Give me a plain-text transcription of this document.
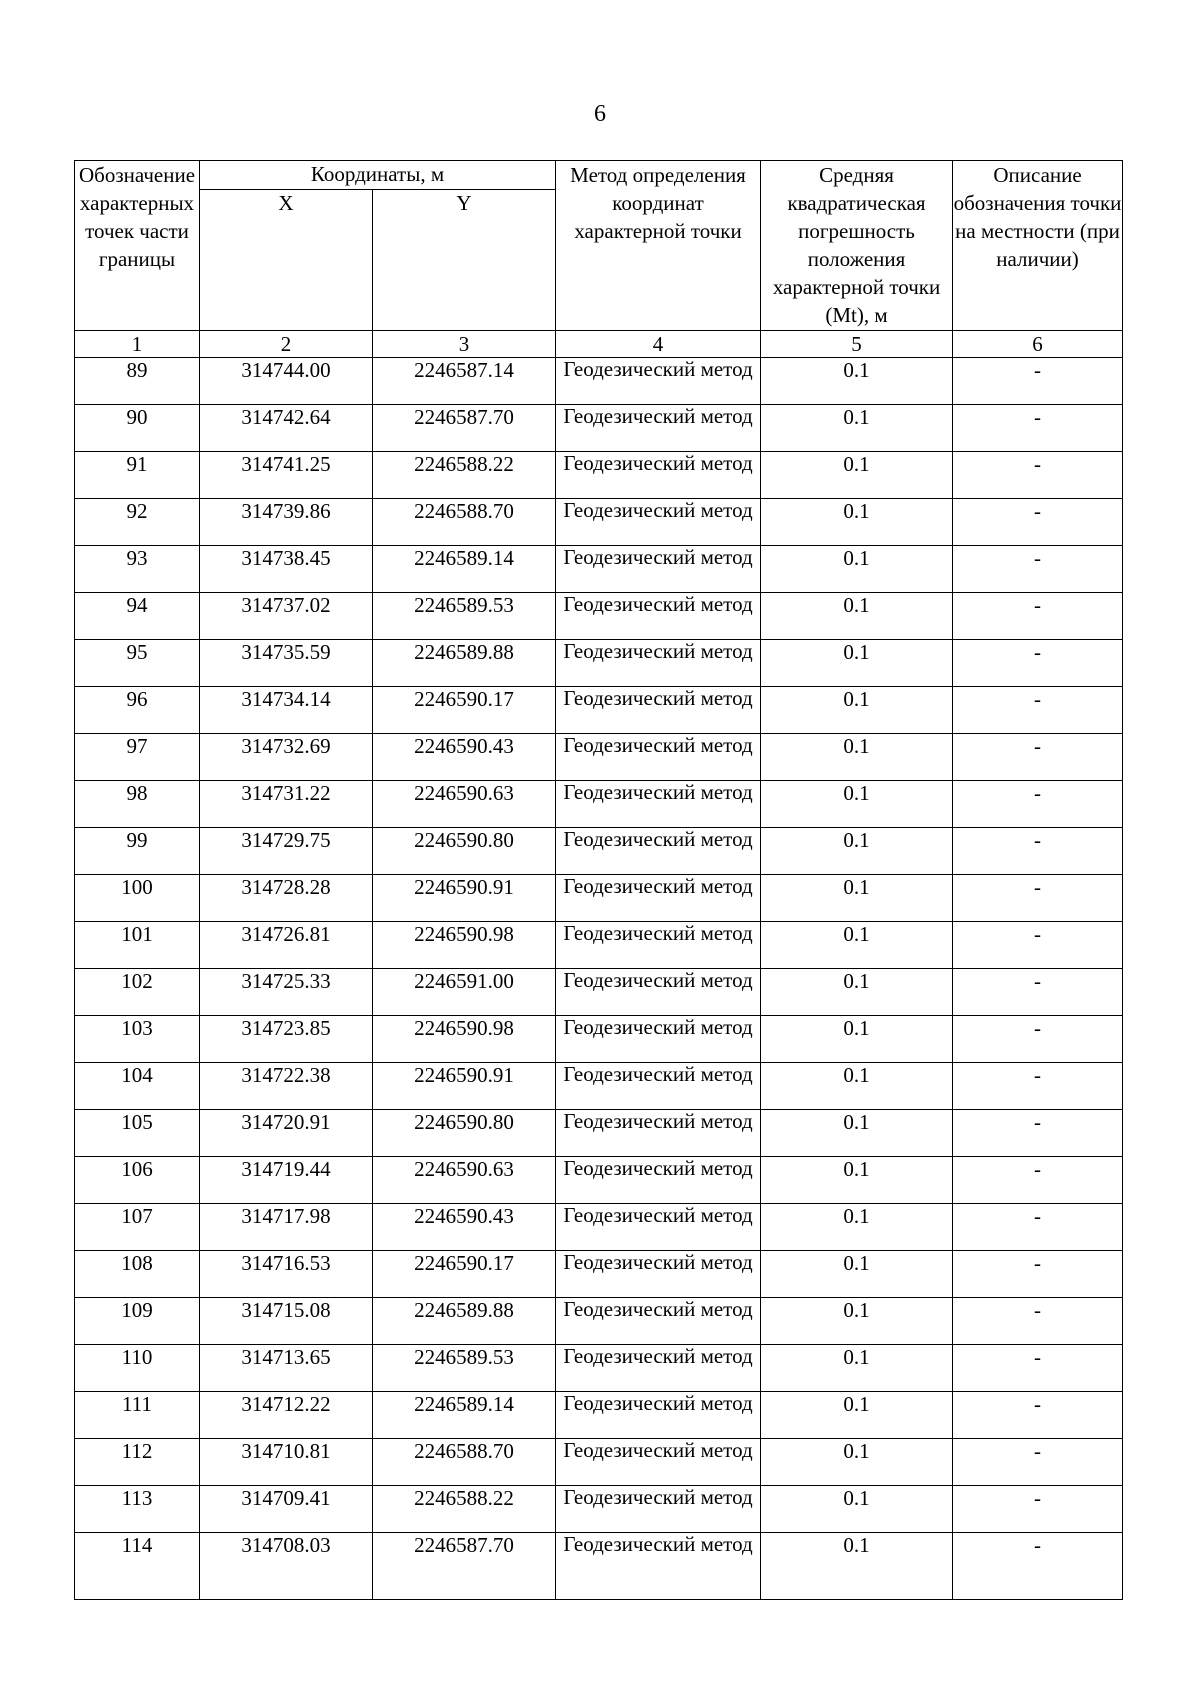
6
Обозначение характерных точек части границы	Координаты, м		Метод определения координат характерной точки	Средняя квадратическая погрешность положения характерной точки (Mt), м	Описание обозначения точки на местности (при наличии)
	X	Y			
1	2	3	4	5	6
89	314744.00	2246587.14	Геодезический метод	0.1	-
90	314742.64	2246587.70	Геодезический метод	0.1	-
91	314741.25	2246588.22	Геодезический метод	0.1	-
92	314739.86	2246588.70	Геодезический метод	0.1	-
93	314738.45	2246589.14	Геодезический метод	0.1	-
94	314737.02	2246589.53	Геодезический метод	0.1	-
95	314735.59	2246589.88	Геодезический метод	0.1	-
96	314734.14	2246590.17	Геодезический метод	0.1	-
97	314732.69	2246590.43	Геодезический метод	0.1	-
98	314731.22	2246590.63	Геодезический метод	0.1	-
99	314729.75	2246590.80	Геодезический метод	0.1	-
100	314728.28	2246590.91	Геодезический метод	0.1	-
101	314726.81	2246590.98	Геодезический метод	0.1	-
102	314725.33	2246591.00	Геодезический метод	0.1	-
103	314723.85	2246590.98	Геодезический метод	0.1	-
104	314722.38	2246590.91	Геодезический метод	0.1	-
105	314720.91	2246590.80	Геодезический метод	0.1	-
106	314719.44	2246590.63	Геодезический метод	0.1	-
107	314717.98	2246590.43	Геодезический метод	0.1	-
108	314716.53	2246590.17	Геодезический метод	0.1	-
109	314715.08	2246589.88	Геодезический метод	0.1	-
110	314713.65	2246589.53	Геодезический метод	0.1	-
111	314712.22	2246589.14	Геодезический метод	0.1	-
112	314710.81	2246588.70	Геодезический метод	0.1	-
113	314709.41	2246588.22	Геодезический метод	0.1	-
114	314708.03	2246587.70	Геодезический метод	0.1	-
